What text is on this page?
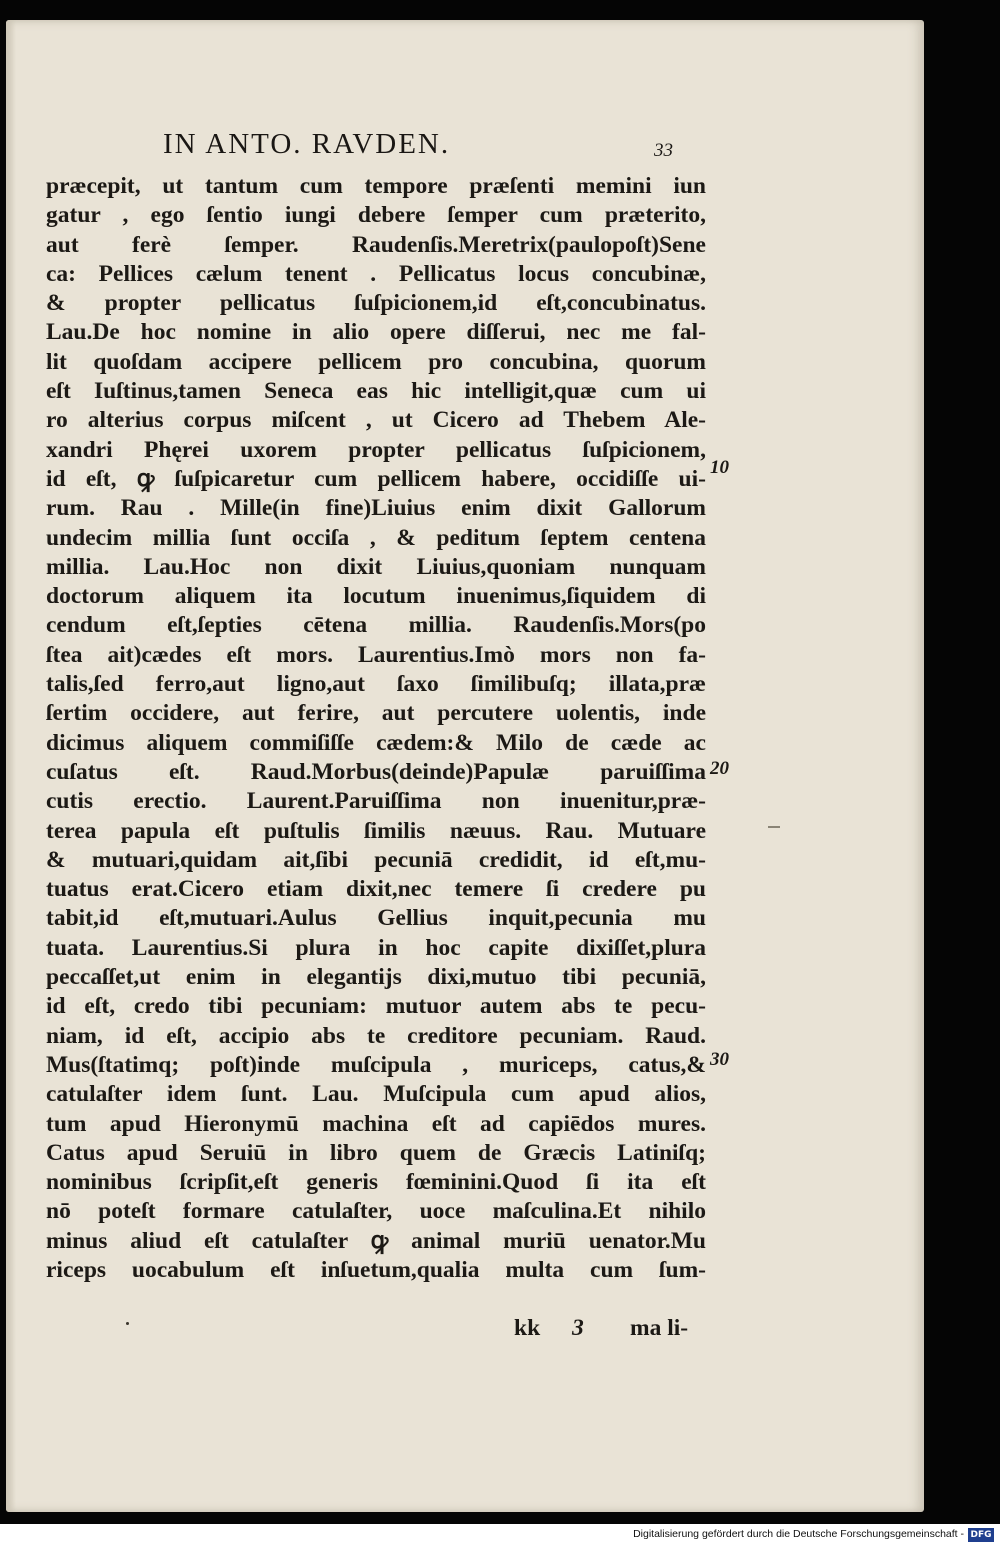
IN ANTO. RAVDEN.	33
præcepit, ut tantum cum tempore præſenti memini iun
gatur , ego ſentio iungi debere ſemper cum præterito,
aut ferè ſemper. Raudenſis.Meretrix(paulopoſt)Sene
ca: Pellices cælum tenent . Pellicatus locus concubinæ,
& propter pellicatus ſuſpicionem,id eſt,concubinatus.
Lau.De hoc nomine in alio opere diſſerui, nec me fal-
lit quoſdam accipere pellicem pro concubina, quorum
eſt Iuſtinus,tamen Seneca eas hic intelligit,quæ cum ui
ro alterius corpus miſcent , ut Cicero ad Thebem Ale-
xandri Phęrei uxorem propter pellicatus ſuſpicionem,
id eſt, ꝙ ſuſpicaretur cum pellicem habere, occidiſſe ui-
rum. Rau . Mille(in fine)Liuius enim dixit Gallorum
undecim millia ſunt occiſa , & peditum ſeptem centena
millia. Lau.Hoc non dixit Liuius,quoniam nunquam
doctorum aliquem ita locutum inuenimus,ſiquidem di
cendum eſt,ſepties cētena millia. Raudenſis.Mors(po
ſtea ait)cædes eſt mors. Laurentius.Imò mors non fa-
talis,ſed ferro,aut ligno,aut ſaxo ſimilibuſq; illata,præ
ſertim occidere, aut ferire, aut percutere uolentis, inde
dicimus aliquem commiſiſſe cædem:& Milo de cæde ac
cuſatus eſt. Raud.Morbus(deinde)Papulæ paruiſſima
cutis erectio. Laurent.Paruiſſima non inuenitur,præ-
terea papula eſt puſtulis ſimilis næuus. Rau. Mutuare
& mutuari,quidam ait,ſibi pecuniā credidit, id eſt,mu-
tuatus erat.Cicero etiam dixit,nec temere ſi credere pu
tabit,id eſt,mutuari.Aulus Gellius inquit,pecunia mu
tuata. Laurentius.Si plura in hoc capite dixiſſet,plura
peccaſſet,ut enim in elegantijs dixi,mutuo tibi pecuniā,
id eſt, credo tibi pecuniam: mutuor autem abs te pecu-
niam, id eſt, accipio abs te creditore pecuniam. Raud.
Mus(ſtatimq; poſt)inde muſcipula , muriceps, catus,&
catulaſter idem ſunt. Lau. Muſcipula cum apud alios,
tum apud Hieronymū machina eſt ad capiēdos mures.
Catus apud Seruiū in libro quem de Græcis Latiniſq;
nominibus ſcripſit,eſt generis fœminini.Quod ſi ita eſt
nō poteſt formare catulaſter, uoce maſculina.Et nihilo
minus aliud eſt catulaſter ꝙ animal muriū uenator.Mu
riceps uocabulum eſt inſuetum,qualia multa cum ſum-
10
20
30
kk 3 ma li-
Digitalisierung gefördert durch die Deutsche Forschungsgemeinschaft - DFG
